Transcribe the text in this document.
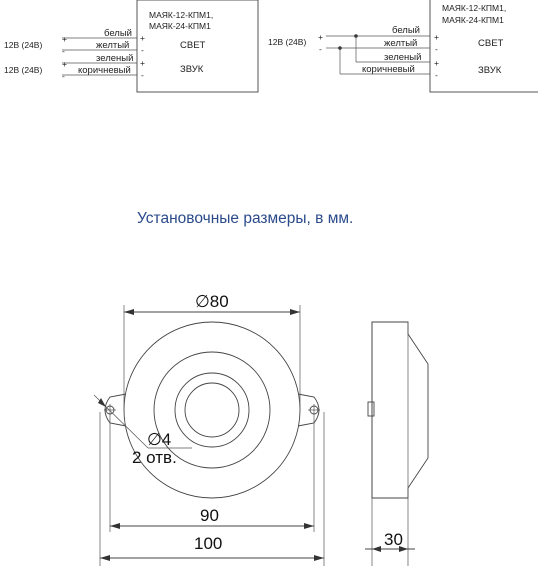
МАЯК-12-КПМ1,
МАЯК-24-КПМ1
белый
желтый
зеленый
коричневый
12В (24В)
12В (24В)
+
-
+
-
+
-
+
-
СВЕТ
ЗВУК
МАЯК-12-КПМ1,
МАЯК-24-КПМ1
12В (24В) +
-
белый
желтый
зеленый
коричневый
+
-
+
-
СВЕТ
ЗВУК
Установочные размеры, в мм.
∅80
∅4
2 отв.
90
100	30
